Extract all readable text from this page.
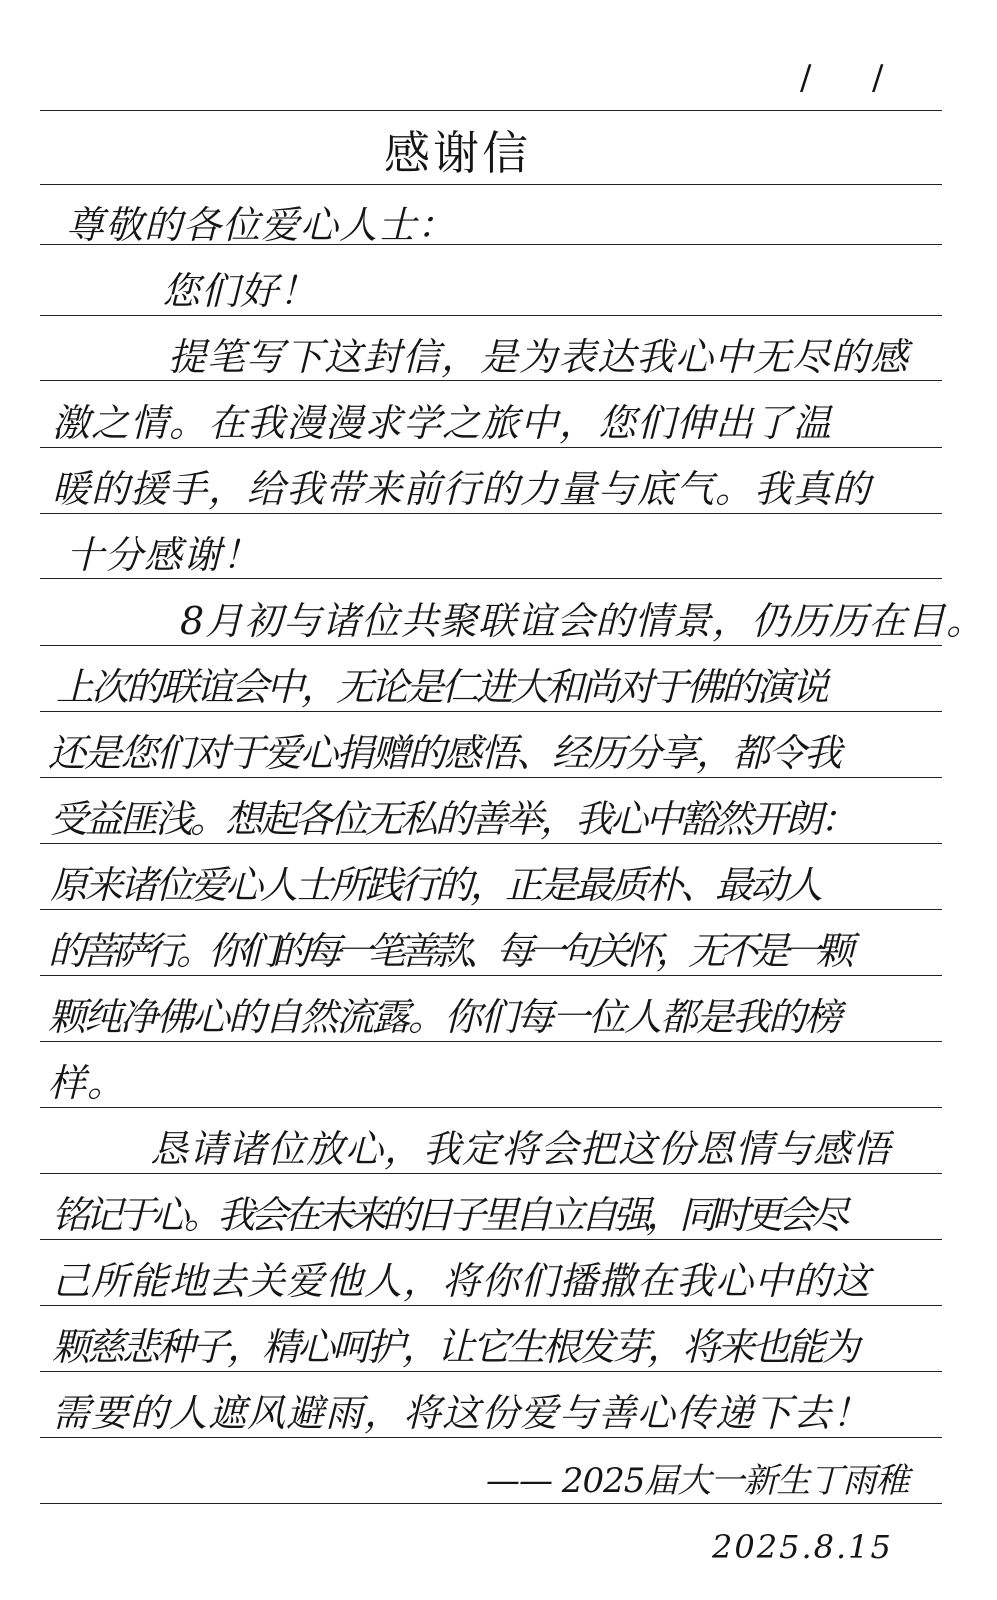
/ /
感谢信
尊敬的各位爱心人士：
您们好！
提笔写下这封信，是为表达我心中无尽的感
激之情。在我漫漫求学之旅中，您们伸出了温
暖的援手，给我带来前行的力量与底气。我真的
十分感谢！
8月初与诸位共聚联谊会的情景，仍历历在目。
上次的联谊会中，无论是仁进大和尚对于佛的演说
还是您们对于爱心捐赠的感悟、经历分享，都令我
受益匪浅。想起各位无私的善举，我心中豁然开朗：
原来诸位爱心人士所践行的，正是最质朴、最动人
的菩萨行。你们的每一笔善款、每一句关怀，无不是一颗
颗纯净佛心的自然流露。你们每一位人都是我的榜
样。
恳请诸位放心，我定将会把这份恩情与感悟
铭记于心。我会在未来的日子里自立自强，同时更会尽
己所能地去关爱他人，将你们播撒在我心中的这
颗慈悲种子，精心呵护，让它生根发芽，将来也能为
需要的人遮风避雨，将这份爱与善心传递下去！
—— 2025届大一新生丁雨稚
2025.8.15
